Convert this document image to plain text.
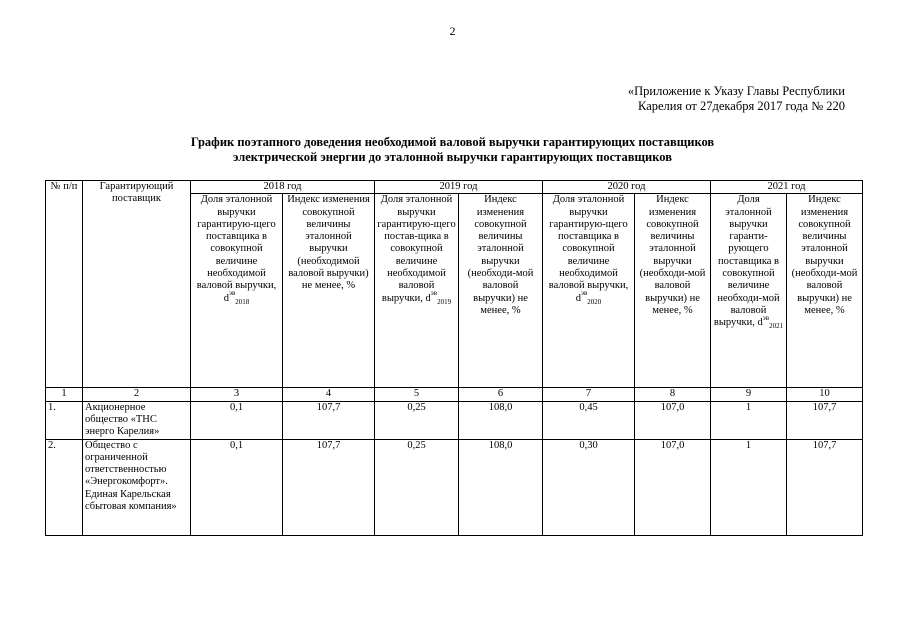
2
«Приложение к Указу Главы Республики
Карелия от 27декабря 2017 года № 220
График поэтапного доведения необходимой валовой выручки гарантирующих поставщиков
электрической энергии до эталонной выручки гарантирующих поставщиков
№ п/п	Гарантирующий поставщик	2018 год		2019 год		2020 год		2021 год	
		Доля эталонной выручки гарантирую-щего поставщика в совокупной величине необходимой валовой выручки, $d^{эв}_{2018}$	Индекс изменения совокупной величины эталонной выручки (необходимой валовой выручки) не менее, %	Доля эталонной выручки гарантирую-щего постав-щика в совокупной величине необходимой валовой выручки, $d^{эв}_{2019}$	Индекс изменения совокупной величины эталонной выручки (необходи-мой валовой выручки) не менее, %	Доля эталонной выручки гарантирую-щего поставщика в совокупной величине необходимой валовой выручки, $d^{эв}_{2020}$	Индекс изменения совокупной величины эталонной выручки (необходи-мой валовой выручки) не менее, %	Доля эталонной выручки гаранти-рующего поставщика в совокупной величине необходи-мой валовой выручки, $d^{эв}_{2021}$	Индекс изменения совокупной величины эталонной выручки (необходи-мой валовой выручки) не менее, %
1	2	3	4	5	6	7	8	9	10
1.	Акционерное общество «ТНС энерго Карелия»	0,1	107,7	0,25	108,0	0,45	107,0	1	107,7
2.	Общество с ограниченной ответственностью «Энергокомфорт». Единая Карельская сбытовая компания»	0,1	107,7	0,25	108,0	0,30	107,0	1	107,7
